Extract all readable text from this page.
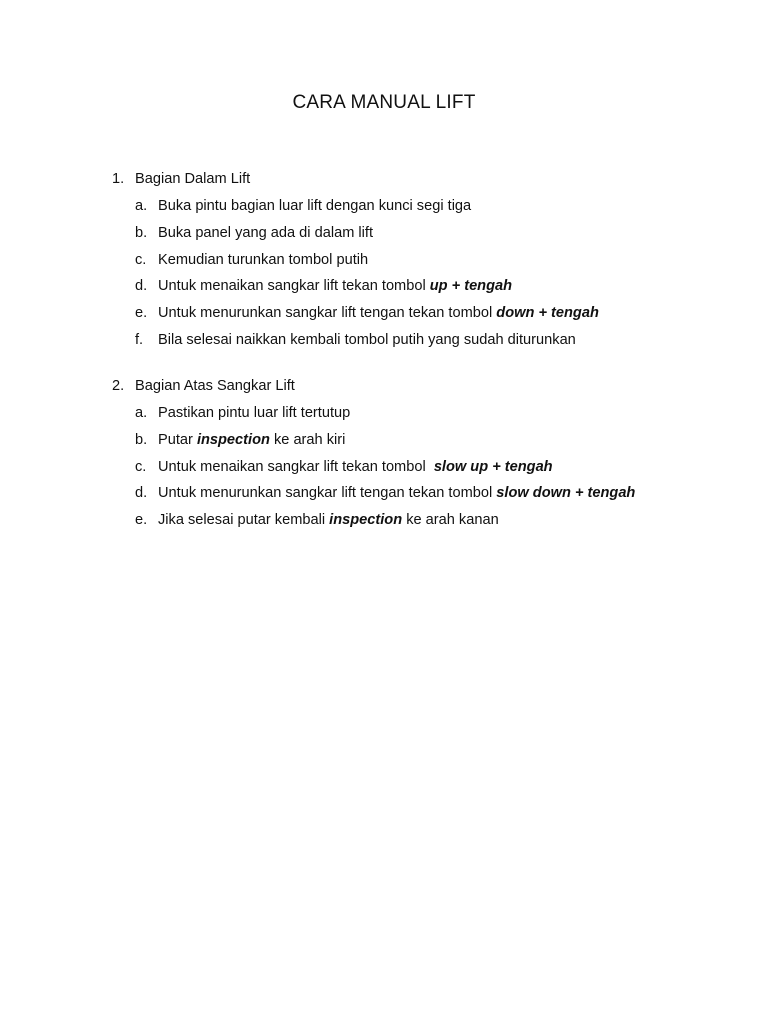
CARA MANUAL LIFT
1. Bagian Dalam Lift
a. Buka pintu bagian luar lift dengan kunci segi tiga
b. Buka panel yang ada di dalam lift
c. Kemudian turunkan tombol putih
d. Untuk menaikan sangkar lift tekan tombol up + tengah
e. Untuk menurunkan sangkar lift tengan tekan tombol down + tengah
f. Bila selesai naikkan kembali tombol putih yang sudah diturunkan
2. Bagian Atas Sangkar Lift
a. Pastikan pintu luar lift tertutup
b. Putar inspection ke arah kiri
c. Untuk menaikan sangkar lift tekan tombol  slow up + tengah
d. Untuk menurunkan sangkar lift tengan tekan tombol slow down + tengah
e. Jika selesai putar kembali inspection ke arah kanan
